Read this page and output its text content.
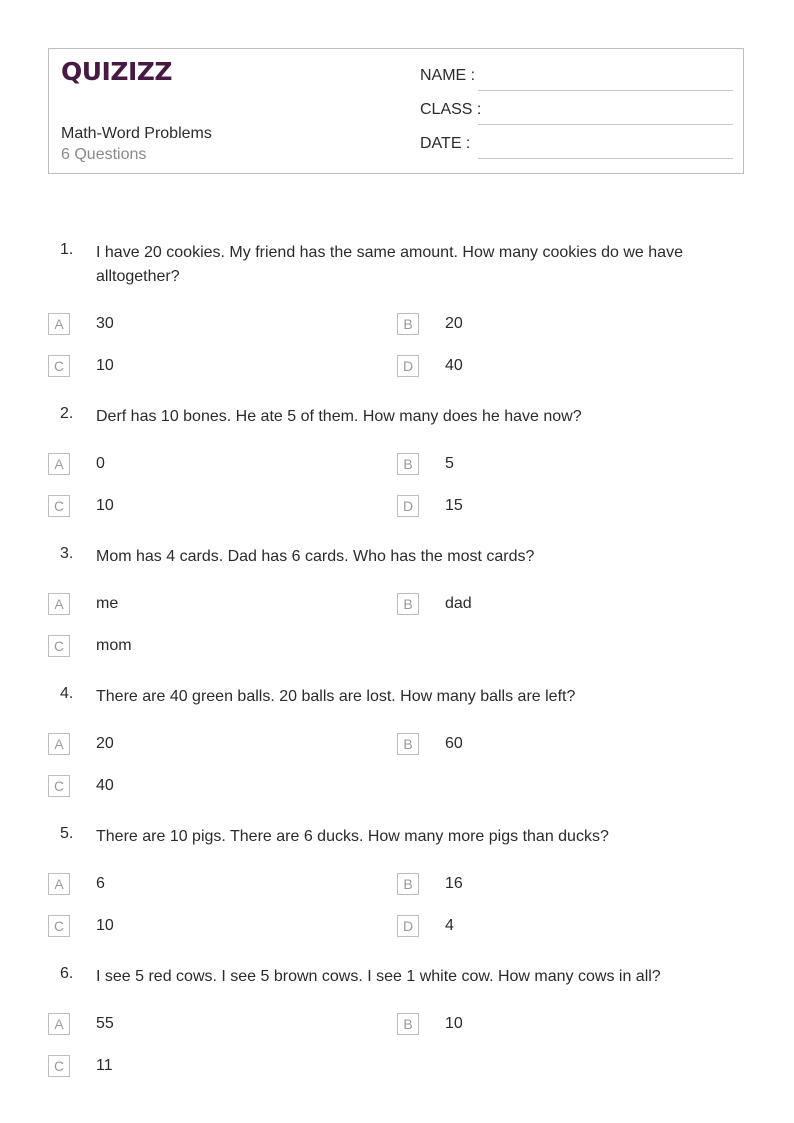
QUIZIZZ
Math-Word Problems
6 Questions
NAME :
CLASS :
DATE :
1. I have 20 cookies. My friend has the same amount. How many cookies do we have alltogether?
A	30	B	20
C	10	D	40
2. Derf has 10 bones. He ate 5 of them. How many does he have now?
A	0	B	5
C	10	D	15
3. Mom has 4 cards. Dad has 6 cards. Who has the most cards?
A	me	B	dad
C	mom
4. There are 40 green balls. 20 balls are lost. How many balls are left?
A	20	B	60
C	40
5. There are 10 pigs. There are 6 ducks. How many more pigs than ducks?
A	6	B	16
C	10	D	4
6. I see 5 red cows. I see 5 brown cows. I see 1 white cow. How many cows in all?
A	55	B	10
C	11
